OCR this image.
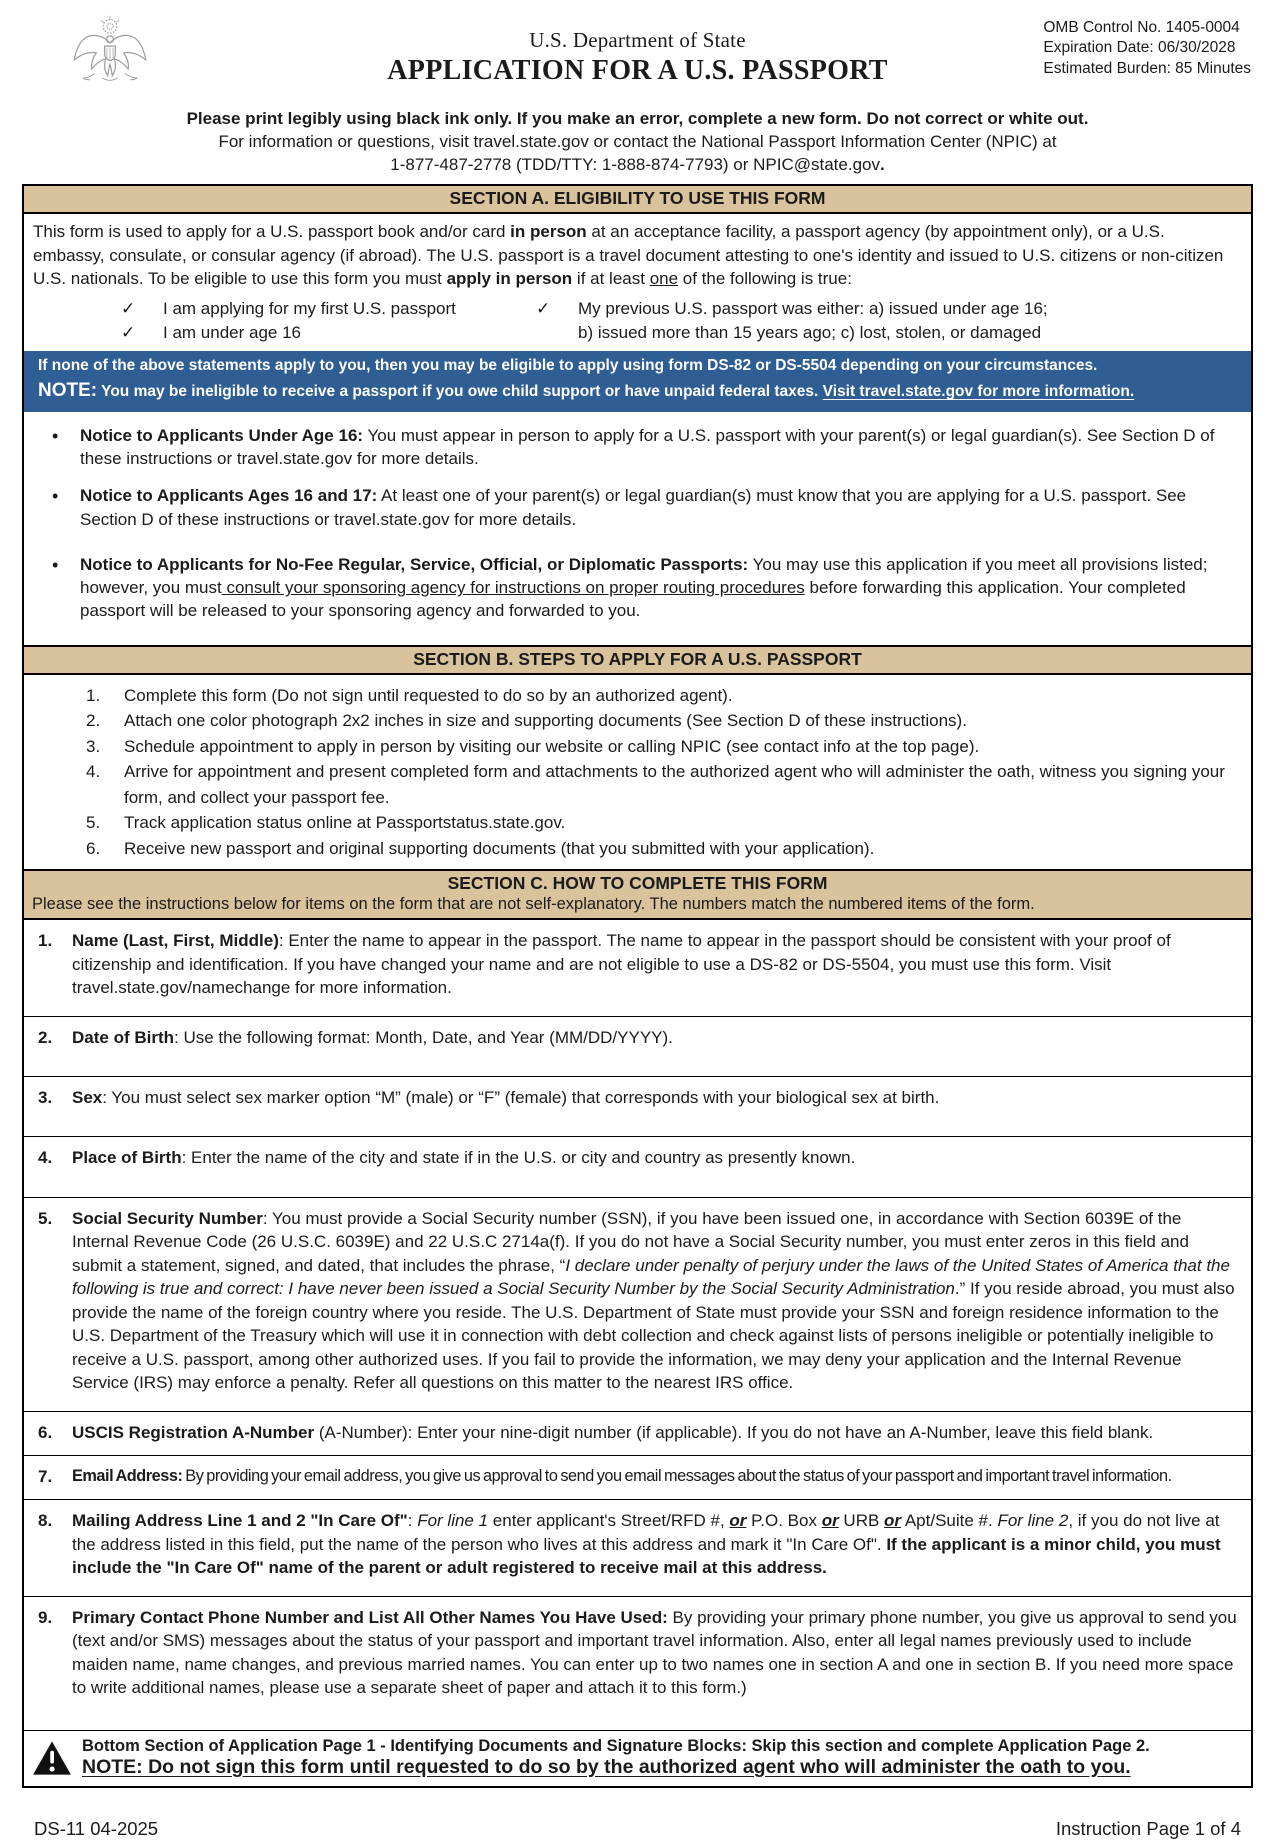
U.S. Department of State
APPLICATION FOR A U.S. PASSPORT
OMB Control No. 1405-0004
Expiration Date: 06/30/2028
Estimated Burden: 85 Minutes
Please print legibly using black ink only. If you make an error, complete a new form. Do not correct or white out.
For information or questions, visit travel.state.gov or contact the National Passport Information Center (NPIC) at
1-877-487-2778 (TDD/TTY: 1-888-874-7793) or NPIC@state.gov.
SECTION A. ELIGIBILITY TO USE THIS FORM

This form is used to apply for a U.S. passport book and/or card in person at an acceptance facility, a passport agency (by appointment only), or a U.S. embassy, consulate, or consular agency (if abroad). The U.S. passport is a travel document attesting to one's identity and issued to U.S. citizens or non-citizen U.S. nationals. To be eligible to use this form you must apply in person if at least one of the following is true:

✓	I am applying for my first U.S. passport
✓	I am under age 16
✓	My previous U.S. passport was either: a) issued under age 16;
b) issued more than 15 years ago; c) lost, stolen, or damaged
If none of the above statements apply to you, then you may be eligible to apply using form DS-82 or DS-5504 depending on your circumstances.
NOTE: You may be ineligible to receive a passport if you owe child support or have unpaid federal taxes. Visit travel.state.gov for more information.
•	Notice to Applicants Under Age 16: You must appear in person to apply for a U.S. passport with your parent(s) or legal guardian(s). See Section D of these instructions or travel.state.gov for more details.
•	Notice to Applicants Ages 16 and 17: At least one of your parent(s) or legal guardian(s) must know that you are applying for a U.S. passport. See Section D of these instructions or travel.state.gov for more details.
•	Notice to Applicants for No-Fee Regular, Service, Official, or Diplomatic Passports: You may use this application if you meet all provisions listed; however, you must consult your sponsoring agency for instructions on proper routing procedures before forwarding this application. Your completed passport will be released to your sponsoring agency and forwarded to you.
SECTION B. STEPS TO APPLY FOR A U.S. PASSPORT
1.	Complete this form (Do not sign until requested to do so by an authorized agent).
2.	Attach one color photograph 2x2 inches in size and supporting documents (See Section D of these instructions).
3.	Schedule appointment to apply in person by visiting our website or calling NPIC (see contact info at the top page).
4.	Arrive for appointment and present completed form and attachments to the authorized agent who will administer the oath, witness you signing your form, and collect your passport fee.
5.	Track application status online at Passportstatus.state.gov.
6.	Receive new passport and original supporting documents (that you submitted with your application).
SECTION C. HOW TO COMPLETE THIS FORM
Please see the instructions below for items on the form that are not self-explanatory. The numbers match the numbered items of the form.
1.	Name (Last, First, Middle): Enter the name to appear in the passport. The name to appear in the passport should be consistent with your proof of citizenship and identification. If you have changed your name and are not eligible to use a DS-82 or DS-5504, you must use this form. Visit travel.state.gov/namechange for more information.
2.	Date of Birth: Use the following format: Month, Date, and Year (MM/DD/YYYY).
3.	Sex: You must select sex marker option “M” (male) or “F” (female) that corresponds with your biological sex at birth.
4.	Place of Birth: Enter the name of the city and state if in the U.S. or city and country as presently known.
5.	Social Security Number: You must provide a Social Security number (SSN), if you have been issued one, in accordance with Section 6039E of the Internal Revenue Code (26 U.S.C. 6039E) and 22 U.S.C 2714a(f). If you do not have a Social Security number, you must enter zeros in this field and submit a statement, signed, and dated, that includes the phrase, “I declare under penalty of perjury under the laws of the United States of America that the following is true and correct: I have never been issued a Social Security Number by the Social Security Administration.” If you reside abroad, you must also provide the name of the foreign country where you reside. The U.S. Department of State must provide your SSN and foreign residence information to the U.S. Department of the Treasury which will use it in connection with debt collection and check against lists of persons ineligible or potentially ineligible to receive a U.S. passport, among other authorized uses. If you fail to provide the information, we may deny your application and the Internal Revenue Service (IRS) may enforce a penalty. Refer all questions on this matter to the nearest IRS office.
6.	USCIS Registration A-Number (A-Number): Enter your nine-digit number (if applicable). If you do not have an A-Number, leave this field blank.
7.	Email Address: By providing your email address, you give us approval to send you email messages about the status of your passport and important travel information.
8.	Mailing Address Line 1 and 2 "In Care Of": For line 1 enter applicant's Street/RFD #, or P.O. Box or URB or Apt/Suite #. For line 2, if you do not live at the address listed in this field, put the name of the person who lives at this address and mark it "In Care Of". If the applicant is a minor child, you must include the "In Care Of" name of the parent or adult registered to receive mail at this address.
9.	Primary Contact Phone Number and List All Other Names You Have Used: By providing your primary phone number, you give us approval to send you (text and/or SMS) messages about the status of your passport and important travel information. Also, enter all legal names previously used to include maiden name, name changes, and previous married names. You can enter up to two names one in section A and one in section B. If you need more space to write additional names, please use a separate sheet of paper and attach it to this form.)
Bottom Section of Application Page 1 - Identifying Documents and Signature Blocks: Skip this section and complete Application Page 2.
NOTE: Do not sign this form until requested to do so by the authorized agent who will administer the oath to you.
DS-11 04-2025	Instruction Page 1 of 4
